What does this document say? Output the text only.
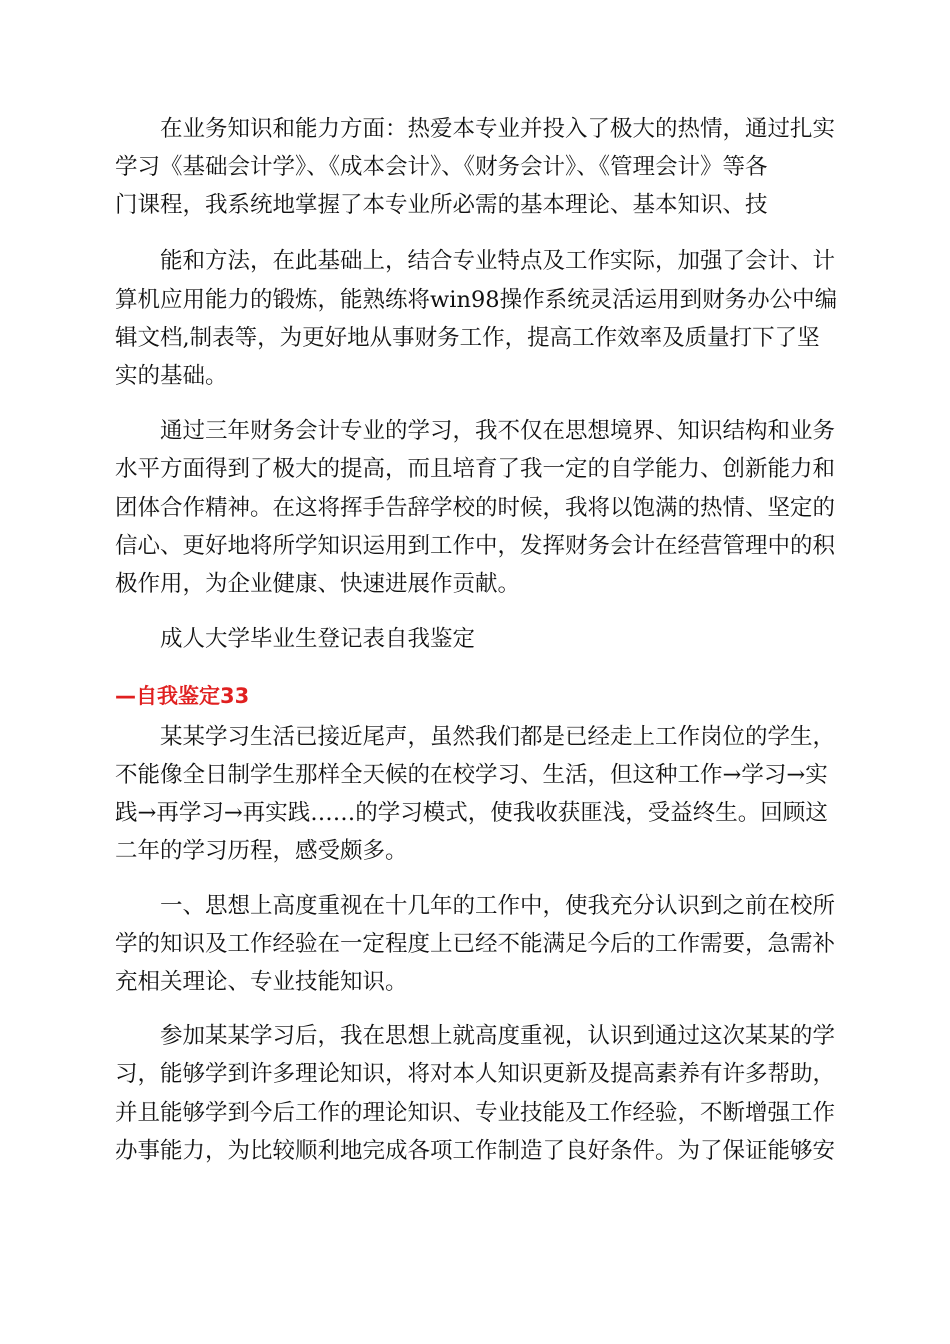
在业务知识和能力方面：热爱本专业并投入了极大的热情，通过扎实
学习《基础会计学》、《成本会计》、《财务会计》、《管理会计》等各
门课程，我系统地掌握了本专业所必需的基本理论、基本知识、技
能和方法，在此基础上，结合专业特点及工作实际，加强了会计、计
算机应用能力的锻炼，能熟练将win98操作系统灵活运用到财务办公中编
辑文档,制表等，为更好地从事财务工作，提高工作效率及质量打下了坚
实的基础。
通过三年财务会计专业的学习，我不仅在思想境界、知识结构和业务
水平方面得到了极大的提高，而且培育了我一定的自学能力、创新能力和
团体合作精神。在这将挥手告辞学校的时候，我将以饱满的热情、坚定的
信心、更好地将所学知识运用到工作中，发挥财务会计在经营管理中的积
极作用，为企业健康、快速进展作贡献。
成人大学毕业生登记表自我鉴定
—自我鉴定33
某某学习生活已接近尾声，虽然我们都是已经走上工作岗位的学生，
不能像全日制学生那样全天候的在校学习、生活，但这种工作→学习→实
践→再学习→再实践……的学习模式，使我收获匪浅，受益终生。回顾这
二年的学习历程，感受颇多。
一、思想上高度重视在十几年的工作中，使我充分认识到之前在校所
学的知识及工作经验在一定程度上已经不能满足今后的工作需要，急需补
充相关理论、专业技能知识。
参加某某学习后，我在思想上就高度重视，认识到通过这次某某的学
习，能够学到许多理论知识，将对本人知识更新及提高素养有许多帮助，
并且能够学到今后工作的理论知识、专业技能及工作经验，不断增强工作
办事能力，为比较顺利地完成各项工作制造了良好条件。为了保证能够安
